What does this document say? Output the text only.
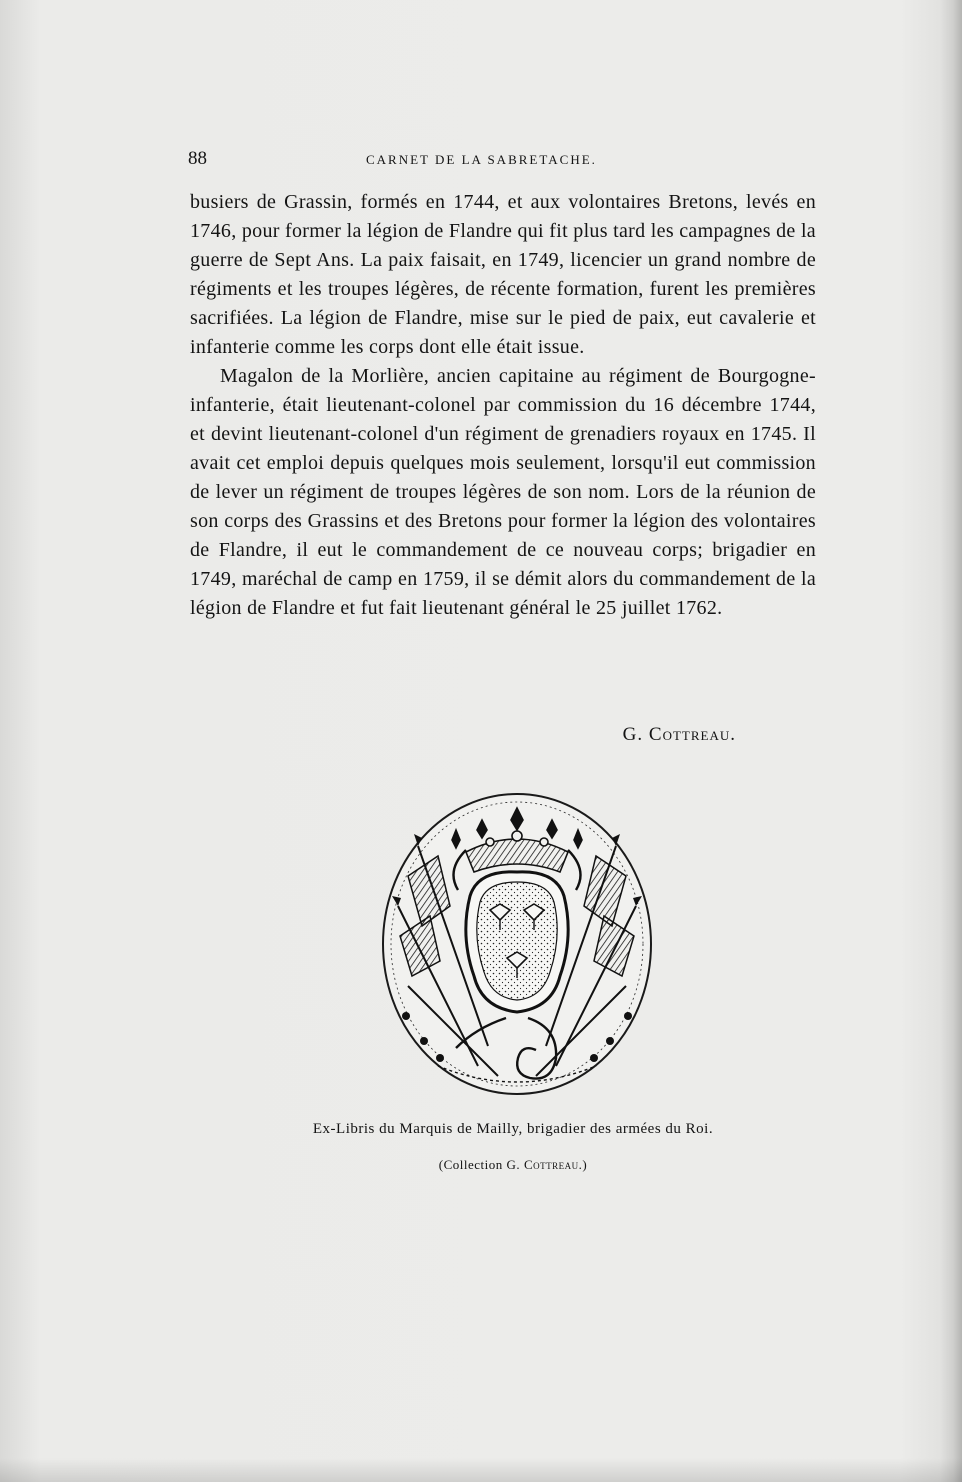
88	CARNET DE LA SABRETACHE.

busiers de Grassin, formés en 1744, et aux volontaires Bretons, levés en 1746, pour former la légion de Flandre qui fit plus tard les campagnes de la guerre de Sept Ans. La paix faisait, en 1749, licencier un grand nombre de régiments et les troupes légères, de récente formation, furent les premières sacrifiées. La légion de Flandre, mise sur le pied de paix, eut cavalerie et infanterie comme les corps dont elle était issue.

Magalon de la Morlière, ancien capitaine au régiment de Bourgogne-infanterie, était lieutenant-colonel par commission du 16 décembre 1744, et devint lieutenant-colonel d'un régiment de grenadiers royaux en 1745. Il avait cet emploi depuis quelques mois seulement, lorsqu'il eut commission de lever un régiment de troupes légères de son nom. Lors de la réunion de son corps des Grassins et des Bretons pour former la légion des volontaires de Flandre, il eut le commandement de ce nouveau corps; brigadier en 1749, maréchal de camp en 1759, il se démit alors du commandement de la légion de Flandre et fut fait lieutenant général le 25 juillet 1762.

G. Cottreau.
Ex-Libris du Marquis de Mailly, brigadier des armées du Roi.
(Collection G. Cottreau.)
